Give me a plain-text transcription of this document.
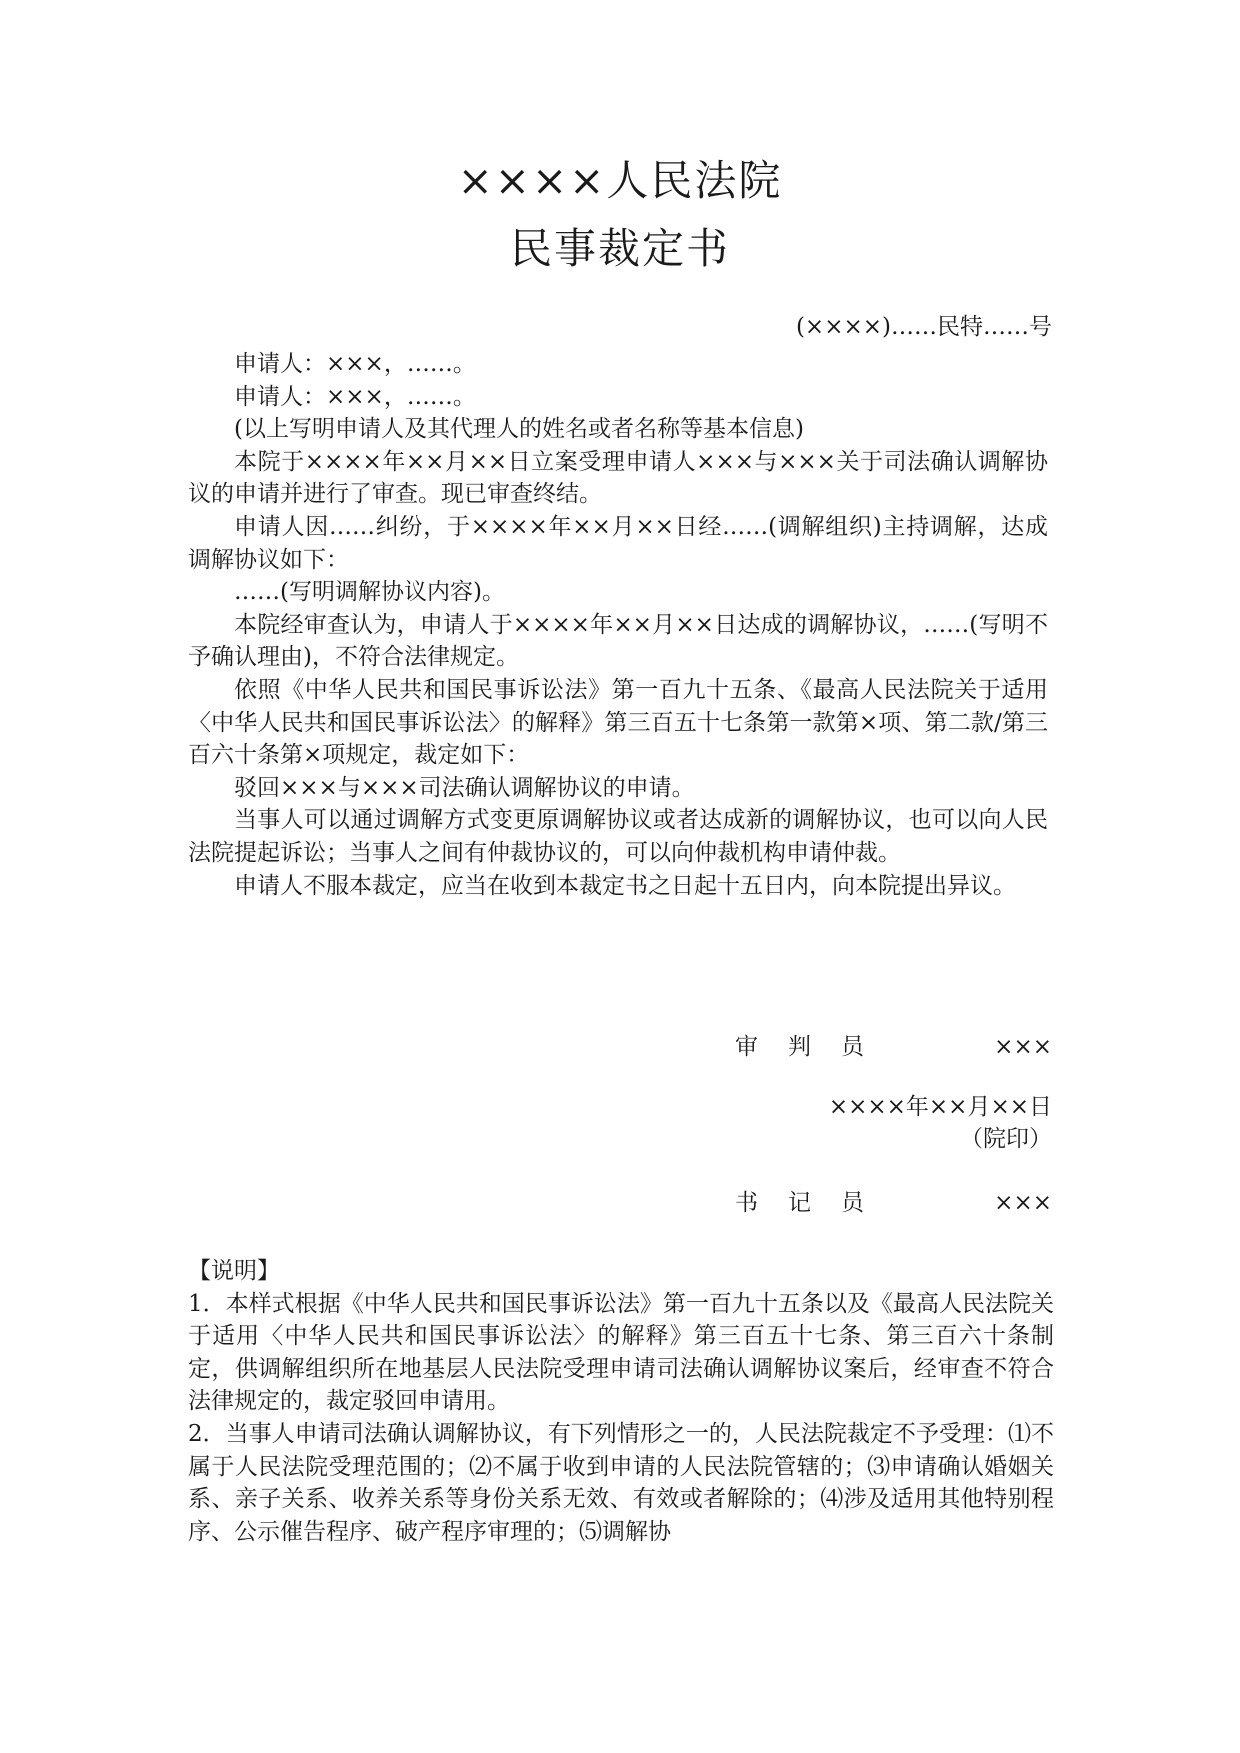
××××人民法院
民事裁定书
(××××)……民特……号

申请人：×××，……。

申请人：×××，……。

(以上写明申请人及其代理人的姓名或者名称等基本信息)

本院于××××年××月××日立案受理申请人×××与×××关于司法确认调解协议的申请并进行了审查。现已审查终结。

申请人因……纠纷，于××××年××月××日经……(调解组织)主持调解，达成调解协议如下：

……(写明调解协议内容)。

本院经审查认为，申请人于××××年××月××日达成的调解协议，……(写明不予确认理由)，不符合法律规定。

依照《中华人民共和国民事诉讼法》第一百九十五条、《最高人民法院关于适用〈中华人民共和国民事诉讼法〉的解释》第三百五十七条第一款第×项、第二款/第三百六十条第×项规定，裁定如下：

驳回×××与×××司法确认调解协议的申请。

当事人可以通过调解方式变更原调解协议或者达成新的调解协议，也可以向人民法院提起诉讼；当事人之间有仲裁协议的，可以向仲裁机构申请仲裁。

申请人不服本裁定，应当在收到本裁定书之日起十五日内，向本院提出异议。

审判员	×××
××××年××月××日
（院印）
书记员	×××

【说明】

1．本样式根据《中华人民共和国民事诉讼法》第一百九十五条以及《最高人民法院关于适用〈中华人民共和国民事诉讼法〉的解释》第三百五十七条、第三百六十条制定，供调解组织所在地基层人民法院受理申请司法确认调解协议案后，经审查不符合法律规定的，裁定驳回申请用。

2．当事人申请司法确认调解协议，有下列情形之一的，人民法院裁定不予受理：⑴不属于人民法院受理范围的；⑵不属于收到申请的人民法院管辖的；⑶申请确认婚姻关系、亲子关系、收养关系等身份关系无效、有效或者解除的；⑷涉及适用其他特别程序、公示催告程序、破产程序审理的；⑸调解协
